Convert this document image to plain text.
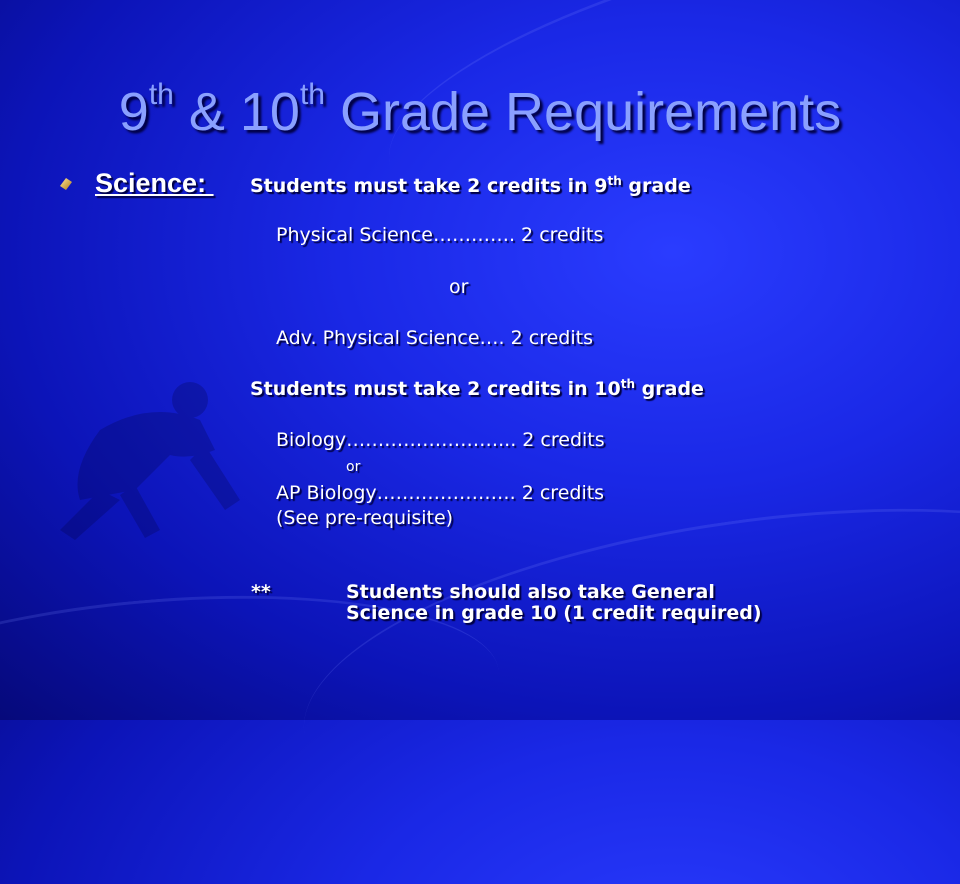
9th & 10th Grade Requirements
Science: Students must take 2 credits in 9th grade
Physical Science…………. 2 credits
or
Adv. Physical Science…. 2 credits
Students must take 2 credits in 10th grade
Biology……………………... 2 credits
or
AP Biology…………………. 2 credits
(See pre-requisite)
**	Students should also take General
Science in grade 10 (1 credit required)
